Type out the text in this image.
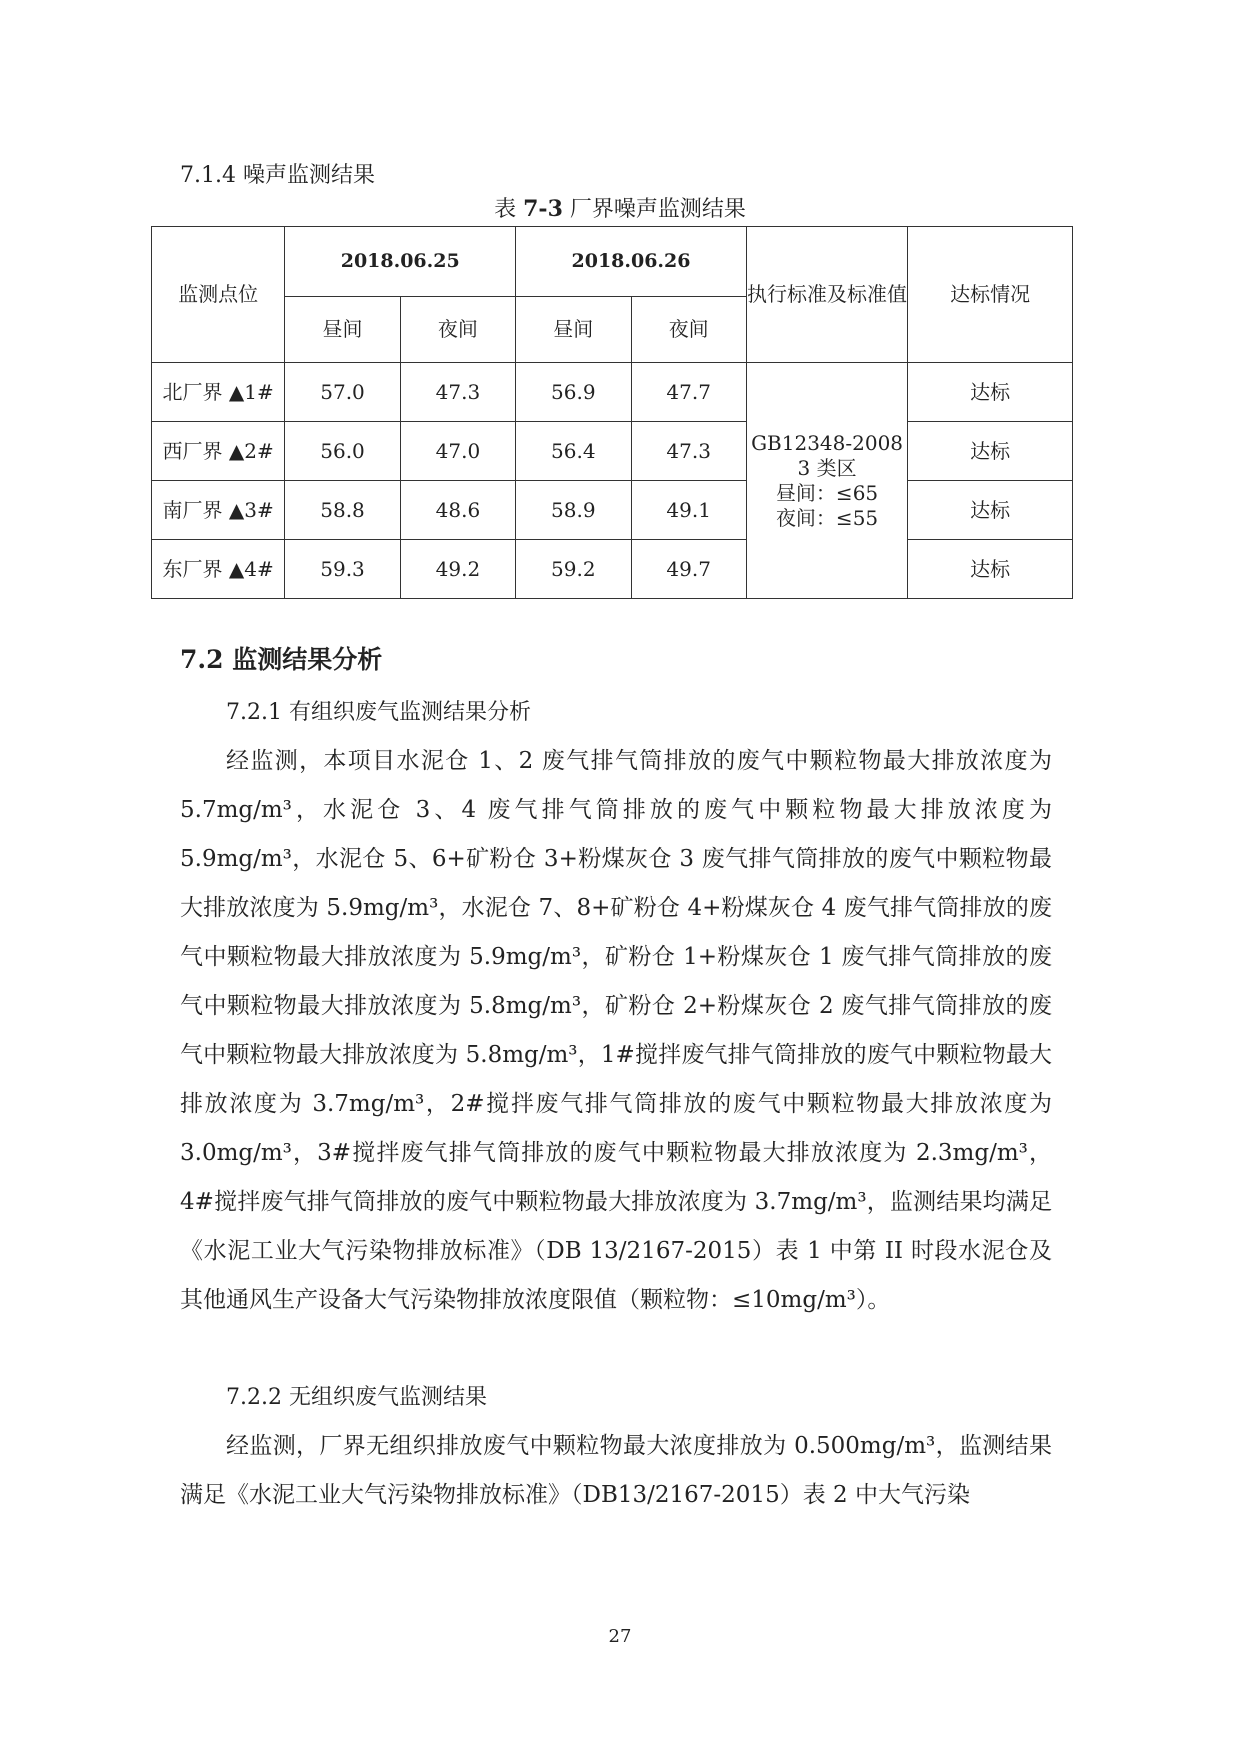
7.1.4 噪声监测结果
表 7-3 厂界噪声监测结果
监测点位	2018.06.25		2018.06.26		执行标准及标准值	达标情况
	昼间	夜间	昼间	夜间		
北厂界 ▲1#	57.0	47.3	56.9	47.7	GB12348-2008
3 类区
昼间：≤65
夜间：≤55	达标
西厂界 ▲2#	56.0	47.0	56.4	47.3		达标
南厂界 ▲3#	58.8	48.6	58.9	49.1		达标
东厂界 ▲4#	59.3	49.2	59.2	49.7		达标
7.2 监测结果分析

7.2.1 有组织废气监测结果分析

经监测，本项目水泥仓 1、2 废气排气筒排放的废气中颗粒物最大排放浓度为 5.7mg/m³，水泥仓 3、4 废气排气筒排放的废气中颗粒物最大排放浓度为 5.9mg/m³，水泥仓 5、6+矿粉仓 3+粉煤灰仓 3 废气排气筒排放的废气中颗粒物最大排放浓度为 5.9mg/m³，水泥仓 7、8+矿粉仓 4+粉煤灰仓 4 废气排气筒排放的废气中颗粒物最大排放浓度为 5.9mg/m³，矿粉仓 1+粉煤灰仓 1 废气排气筒排放的废气中颗粒物最大排放浓度为 5.8mg/m³，矿粉仓 2+粉煤灰仓 2 废气排气筒排放的废气中颗粒物最大排放浓度为 5.8mg/m³，1#搅拌废气排气筒排放的废气中颗粒物最大排放浓度为 3.7mg/m³，2#搅拌废气排气筒排放的废气中颗粒物最大排放浓度为 3.0mg/m³，3#搅拌废气排气筒排放的废气中颗粒物最大排放浓度为 2.3mg/m³，4#搅拌废气排气筒排放的废气中颗粒物最大排放浓度为 3.7mg/m³，监测结果均满足《水泥工业大气污染物排放标准》（DB 13/2167-2015）表 1 中第 II 时段水泥仓及其他通风生产设备大气污染物排放浓度限值（颗粒物：≤10mg/m³）。

7.2.2 无组织废气监测结果

经监测，厂界无组织排放废气中颗粒物最大浓度排放为 0.500mg/m³，监测结果满足《水泥工业大气污染物排放标准》（DB13/2167-2015）表 2 中大气污染

27
